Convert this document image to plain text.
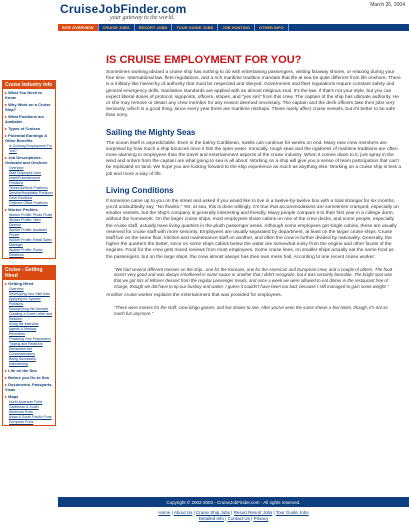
CruiseJobFinder.com
your gateway to the world.
March 26, 2004
SITE OVERVIEW	CRUISE JOBS	RESORT JOBS	TOUR GUIDE JOBS	JOB HUNTING	OTHER INFO
Cruise Industry Info
▸ What You Need to Know
▸ Why Work on a Cruise Ship?
▸ What Positions are Available
▸ Types of Cruises
▸ Potential Earnings & Other Benefits
Is Cruising Employment For You?
▸ Job Descriptions: Onboard and Onshore
Overview
Staff Employee Jobs
Hotel/Entertainment Positions
Technical/Deck Positions
Service/Hospitality Positions
Deck Positions
Onshore Office Positions
▸ Worker Profiles
Worker Profile: Photo Pirate
Worker Profile: Teen Director
Worker Profile: Assistant Purser
Worker Profile: Retail Sales Manager
Worker Profile: Public Relations
Cruise - Getting Hired
▸ Getting Hired
Overview
Developing Your Skill Sets
Applying for Specific Positions
Researching the Lifestyle
Creating a Cover Letter and Resume
Acing the Interview
Agents & Medical Recruiters
Finalizing Your Preparation
Tipping and Relations
Remember the Concessionaires
Being Successful
Interviewing
▸ Life on the Sea
▸ Before you Go to Sea
▸ Documents, Passports, Visas
▸ Maps
North American Ports
Caribbean & South American Ports
Asian & South Pacific Ports
European Ports
IS CRUISE EMPLOYMENT FOR YOU?
Sometimes working aboard a cruise ship has nothing to do with entertaining passengers, visiting faraway shores, or relaxing during your free time. International law, fleet regulations, and a rich maritime tradition mandate that life at sea be quite different from life onshore. There is a military-like hierarchy of authority that must be respected and obeyed. Government and fleet regulations require constant safety and general emergency drills. Sanitation standards are applied with an almost religious zeal. It's the law. If that's not your style, but you can expect liberal doses of protocol, signposts, officers, stripes, and "yes sirs" from this crew. The captain of the ship has ultimate authority. He or she may remove or detain any crew member for any reason deemed necessary. The captain and the deck officers take their jobs very seriously, which is a good thing, since every year there are maritime mishaps. These rarely affect cruise vessels, but it's better to be safe than sorry.
Sailing the Mighty Seas
The ocean itself is unpredictable. Even in the balmy Caribbean, swells can continue for weeks on end. Many new crew members are surprised by how much a ship bounces once it hits the open water. Ironically, rough seas and the rigidness of maritime traditions are often more alarming to employees than the travel and entertainment aspects of the cruise industry. When it comes down to it, just spray in the wind and orders from the captain are what going to sea is all about. Working on a ship will give you a sense of team participation that can't be replicated on land. We hope you are looking forward to the ship experience as much as anything else. Working on a cruise ship is less a job and more a way of life.
Living Conditions
If someone came up to you on the street and asked if you would like to live in a twelve-by-twelve box with a total stranger for six months, you'd undoubtedly say, "No thanks." Yet, at sea, this is done willingly. It's true that accommodations are sometimes cramped, especially on smaller vessels, but the ship's company is generally interesting and friendly. Many people compare it to their first year in a college dorm, without the homework. On the larger cruise ships, most employees share cabins on one of the crew decks, and some people, especially the cruise staff, actually have living quarters in the plush passenger areas. Although some employees get single cabins, these are usually reserved for cruise staff with more seniority. Employees are usually separated by department, at least on the larger cruise ships. Cruise staff live on the same floor, kitchen and maintenance staff on another, and often the crew is further divided by nationality. Generally, the higher the quarters the better, since on some ships cabins below the water are somewhat noisy from the engine and other facets of the engines. Food for the crew gets mixed reviews from most employees. Some cruise lines, on smaller ships actually eat the same food as the passengers, but on the large ships, the crew almost always has their own mess hall. According to one recent cruise worker:
"We had several different messes on the ship...one for the Koreans, one for the American and European crew, and a couple of others. The food wasn't very good and was always smothered in some sauce or another that I didn't recognize, but it was certainly bearable. The bright spot was that we got lots of leftover dessert from the regular passenger meals, and once a week we were allowed to eat dinner in the restaurant free of charge, though we did have to tip our busboy and waiter. I guess it couldn't have been too bad, because I still managed to gain some weight."
Another cruise worker explains the entertainment that was provided for employees.
"There were movies for the staff, crew bingo games, and live shows to see. After you've seen the same shows a few times, though, it's not so much fun anymore."
Copyright © 2002-2003 - CruiseJobFinder.com - All rights reserved.
Home | About Us | Cruise Ship Jobs | Resort Resort Jobs | Tour Guide Jobs
Detailed Info | Contact Us | Privacy
